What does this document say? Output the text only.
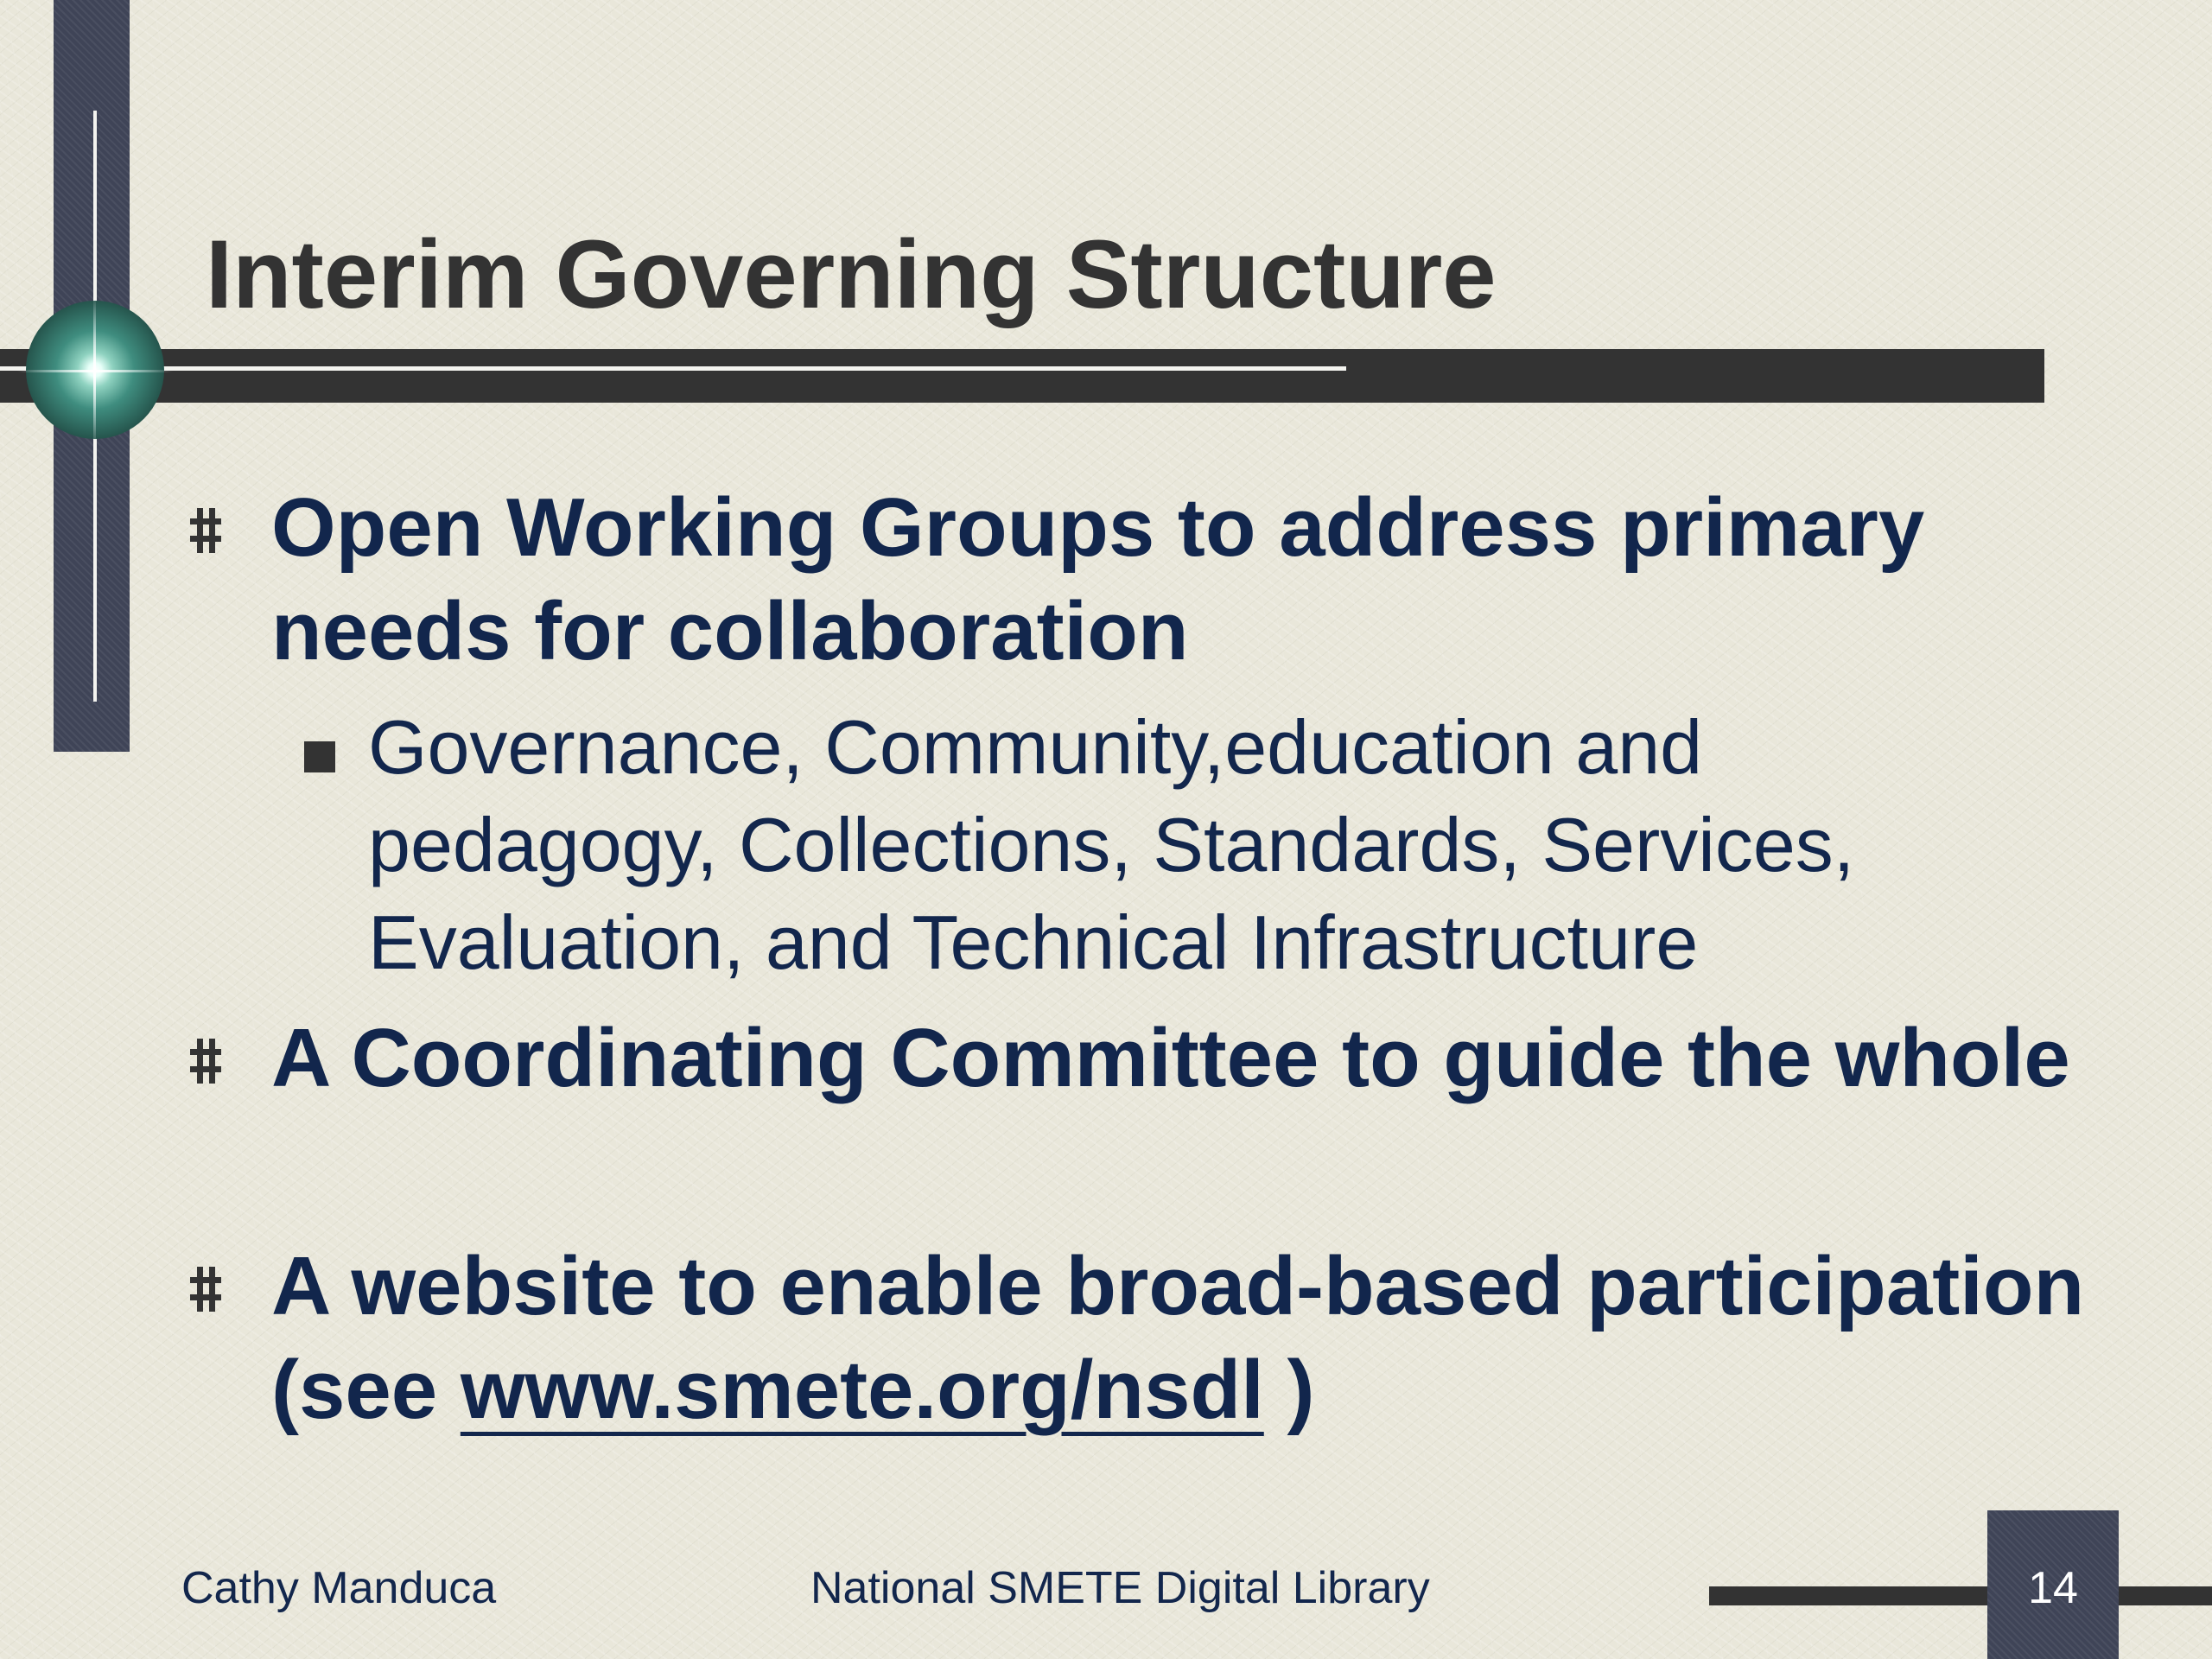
Interim Governing Structure

Open Working Groups to address primary needs for collaboration

Governance, Community,education and pedagogy, Collections, Standards, Services, Evaluation, and Technical Infrastructure

A Coordinating Committee to guide the whole

A website to enable broad-based participation (see www.smete.org/nsdl )

Cathy Manduca	National SMETE Digital Library	14
